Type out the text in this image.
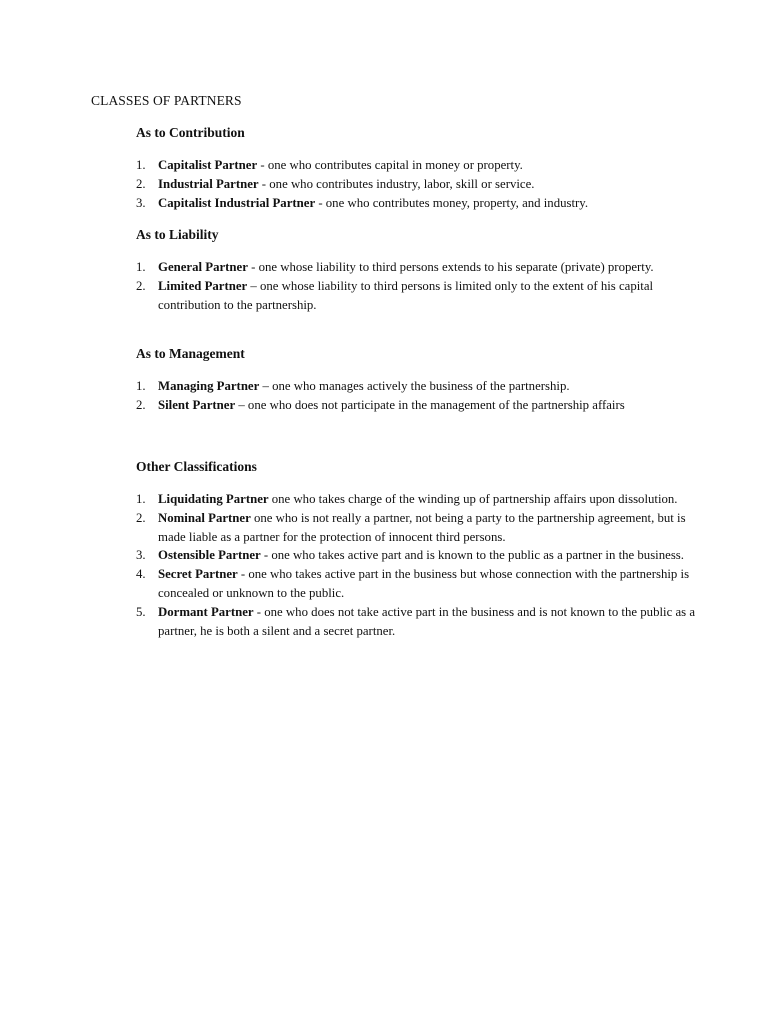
CLASSES OF PARTNERS
As to Contribution
1. Capitalist Partner - one who contributes capital in money or property.
2. Industrial Partner - one who contributes industry, labor, skill or service.
3. Capitalist Industrial Partner - one who contributes money, property, and industry.
As to Liability
1. General Partner - one whose liability to third persons extends to his separate (private) property.
2. Limited Partner – one whose liability to third persons is limited only to the extent of his capital contribution to the partnership.
As to Management
1. Managing Partner – one who manages actively the business of the partnership.
2. Silent Partner – one who does not participate in the management of the partnership affairs
Other Classifications
1. Liquidating Partner one who takes charge of the winding up of partnership affairs upon dissolution.
2. Nominal Partner one who is not really a partner, not being a party to the partnership agreement, but is made liable as a partner for the protection of innocent third persons.
3. Ostensible Partner - one who takes active part and is known to the public as a partner in the business.
4. Secret Partner - one who takes active part in the business but whose connection with the partnership is concealed or unknown to the public.
5. Dormant Partner - one who does not take active part in the business and is not known to the public as a partner, he is both a silent and a secret partner.
